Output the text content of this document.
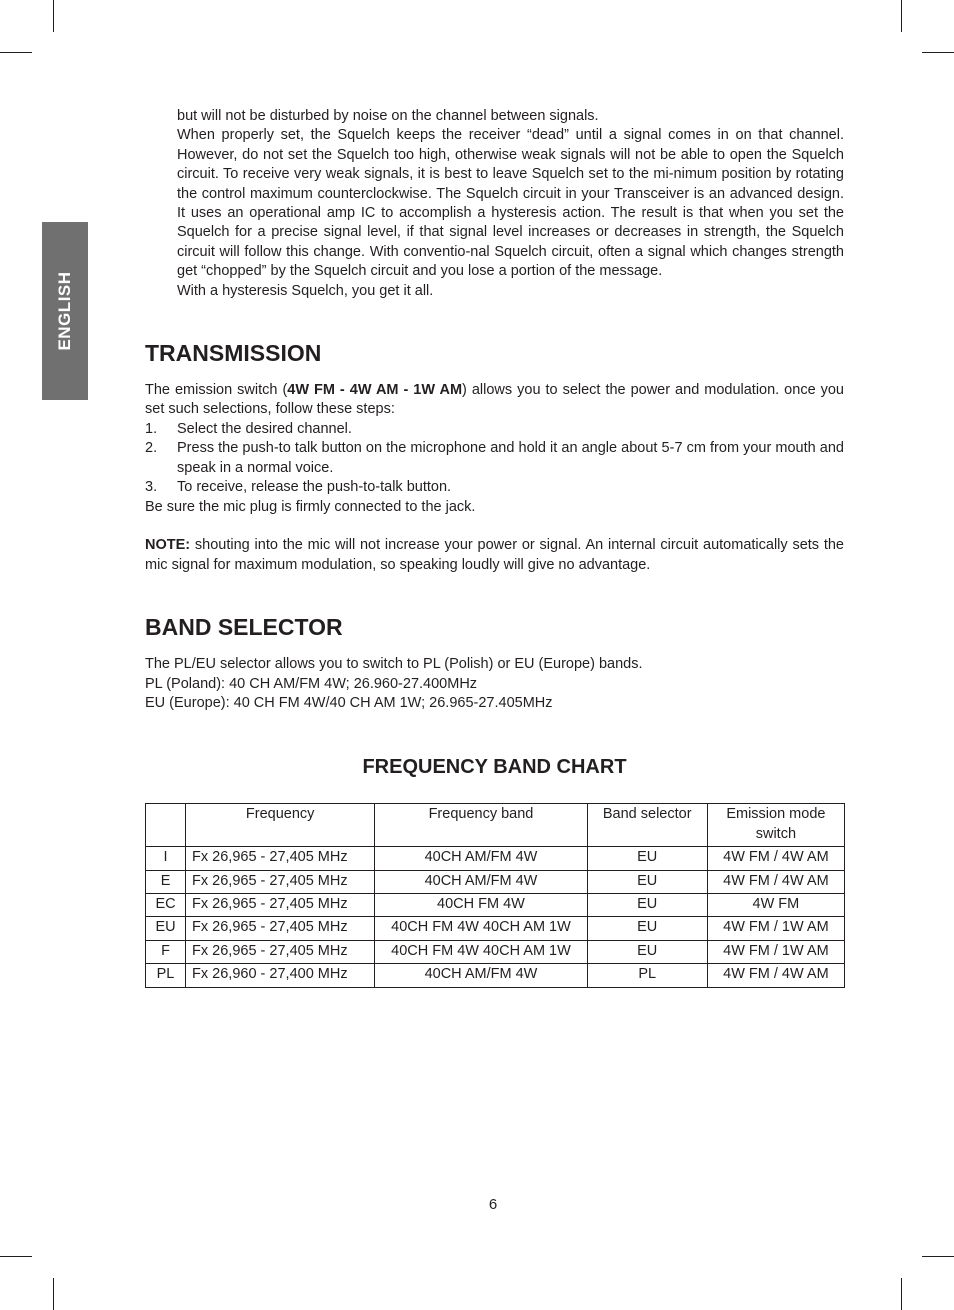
ENGLISH

but will not be disturbed by noise on the channel between signals.

When properly set, the Squelch keeps the receiver “dead” until a signal comes in on that channel. However, do not set the Squelch too high, otherwise weak signals will not be able to open the Squelch circuit. To receive very weak signals, it is best to leave Squelch set to the mi-nimum position by rotating the control maximum counterclockwise. The Squelch circuit in your Transceiver is an advanced design. It uses an operational amp IC to accomplish a hysteresis action. The result is that when you set the Squelch for a precise signal level, if that signal level increases or decreases in strength, the Squelch circuit will follow this change. With conventio-nal Squelch circuit, often a signal which changes strength get “chopped” by the Squelch circuit and you lose a portion of the message.

With a hysteresis Squelch, you get it all.

TRANSMISSION

The emission switch (4W FM - 4W AM - 1W AM) allows you to select the power and modulation. once you set such selections, follow these steps:

1. Select the desired channel.
2. Press the push-to talk button on the microphone and hold it an angle about 5-7 cm from your mouth and speak in a normal voice.
3. To receive, release the push-to-talk button.

Be sure the mic plug is firmly connected to the jack.

NOTE: shouting into the mic will not increase your power or signal. An internal circuit automatically sets the mic signal for maximum modulation, so speaking loudly will give no advantage.

BAND SELECTOR

The PL/EU selector allows you to switch to PL (Polish) or EU (Europe) bands.

PL (Poland): 40 CH AM/FM 4W; 26.960-27.400MHz

EU (Europe): 40 CH FM 4W/40 CH AM 1W; 26.965-27.405MHz

FREQUENCY BAND CHART
	Frequency	Frequency band	Band selector	Emission mode switch
I	Fx 26,965 - 27,405 MHz	40CH AM/FM 4W	EU	4W FM / 4W AM
E	Fx 26,965 - 27,405 MHz	40CH AM/FM 4W	EU	4W FM / 4W AM
EC	Fx 26,965 - 27,405 MHz	40CH FM 4W	EU	4W FM
EU	Fx 26,965 - 27,405 MHz	40CH FM 4W 40CH AM 1W	EU	4W FM / 1W AM
F	Fx 26,965 - 27,405 MHz	40CH FM 4W 40CH AM 1W	EU	4W FM / 1W AM
PL	Fx 26,960 - 27,400 MHz	40CH AM/FM 4W	PL	4W FM / 4W AM
6
